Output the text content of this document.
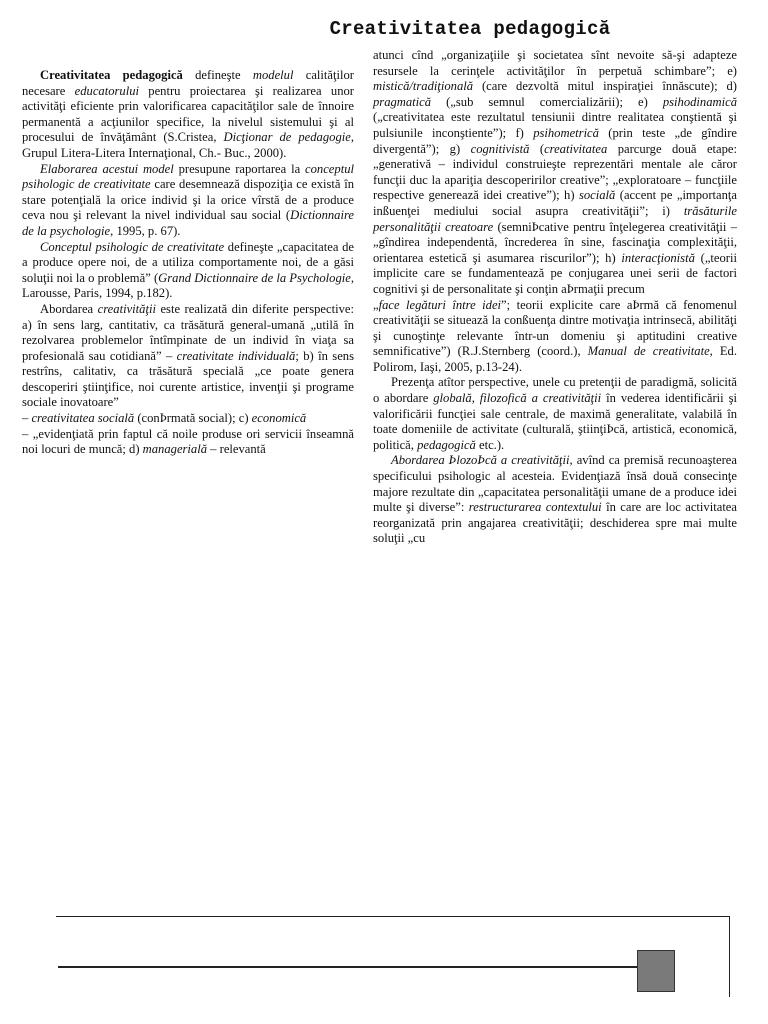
Creativitatea pedagogică

Creativitatea pedagogică defineşte modelul calităţilor necesare educatorului pentru proiectarea şi realizarea unor activităţi eficiente prin valorificarea capacităţilor sale de înnoire permanentă a acţiunilor specifice, la nivelul sistemului şi al procesului de învăţământ (S.Cristea, Dicţionar de pedagogie, Grupul Litera-Litera Internaţional, Ch.- Buc., 2000).

Elaborarea acestui model presupune raportarea la conceptul psihologic de creativitate care desemnează dispoziţia ce există în stare potenţială la orice individ şi la orice vîrstă de a produce ceva nou şi relevant la nivel individual sau social (Dictionnaire de la psychologie, 1995, p. 67).

Conceptul psihologic de creativitate defineşte „capacitatea de a produce opere noi, de a utiliza comportamente noi, de a găsi soluţii noi la o problemă” (Grand Dictionnaire de la Psychologie, Larousse, Paris, 1994, p.182).

Abordarea creativităţii este realizată din diferite perspective: a) în sens larg, cantitativ, ca trăsătură general-umană „utilă în rezolvarea problemelor întîmpinate de un individ în viaţa sa profesională sau cotidiană” – creativitate individuală; b) în sens restrîns, calitativ, ca trăsătură specială „ce poate genera descoperiri ştiinţifice, noi curente artistice, invenţii şi programe sociale inovatoare”

– creativitatea socială (conÞrmată social); c) economică

– „evidenţiată prin faptul că noile produse ori servicii înseamnă noi locuri de muncă; d) managerială – relevantă

atunci cînd „organizaţiile şi societatea sînt nevoite să-şi adapteze resursele la cerinţele activităţilor în perpetuă schimbare”; e) mistică/tradiţională (care dezvoltă mitul inspiraţiei înnăscute); d) pragmatică („sub semnul comercializării); e) psihodinamică („creativitatea este rezultatul tensiunii dintre realitatea conştientă şi pulsiunile inconştiente”); f) psihometrică (prin teste „de gîndire divergentă”); g) cognitivistă (creativitatea parcurge două etape: „generativă – individul construieşte reprezentări mentale ale căror funcţii duc la apariţia descoperirilor creative”; „exploratoare – funcţiile respective generează idei creative”); h) socială (accent pe „importanţa inßuenţei mediului social asupra creativităţii”; i) trăsăturile personalităţii creatoare (semniÞcative pentru înţelegerea creativităţii – „gîndirea independentă, încrederea în sine, fascinaţia complexităţii, orientarea estetică şi asumarea riscurilor”); h) interacţionistă („teorii implicite care se fundamentează pe conjugarea unei serii de factori cognitivi şi de personalitate şi conţin aÞrmaţii precum

„face legături între idei”; teorii explicite care aÞrmă că fenomenul creativităţii se situează la conßuenţa dintre motivaţia intrinsecă, abilităţi şi cunoştinţe relevante într-un domeniu şi aptitudini creative semnificative”) (R.J.Sternberg (coord.), Manual de creativitate, Ed. Polirom, Iaşi, 2005, p.13-24).

Prezenţa atîtor perspective, unele cu pretenţii de paradigmă, solicită o abordare globală, filozofică a creativităţii în vederea identificării şi valorificării funcţiei sale centrale, de maximă generalitate, valabilă în toate domeniile de activitate (culturală, ştiinţiÞcă, artistică, economică, politică, pedagogică etc.).

Abordarea ÞlozoÞcă a creativităţii, avînd ca premisă recunoaşterea specificului psihologic al acesteia. Evidenţiază însă două consecinţe majore rezultate din „capacitatea personalităţii umane de a produce idei multe şi diverse”: restructurarea contextului în care are loc activitatea reorganizată prin angajarea creativităţii; deschiderea spre mai multe soluţii „cu
